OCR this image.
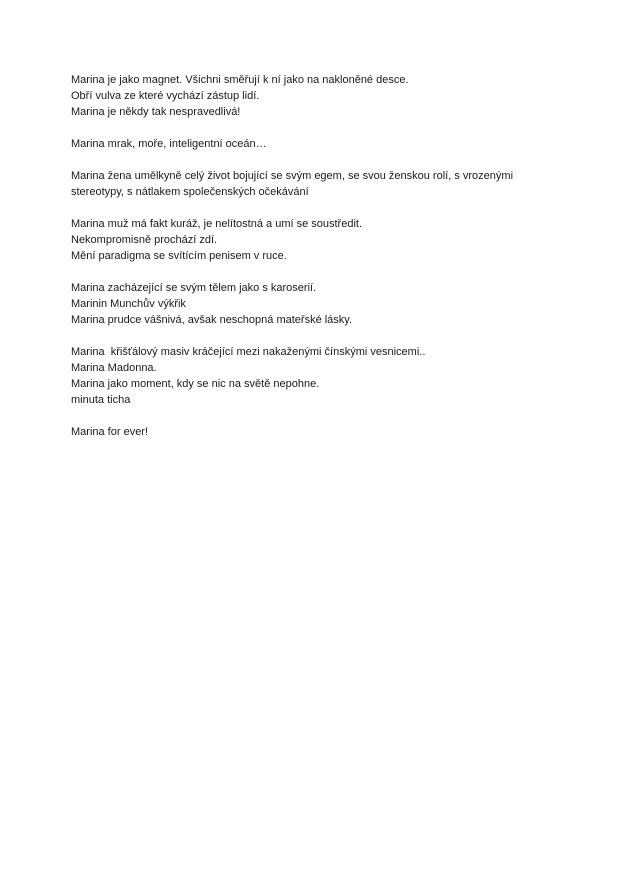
Marina je jako magnet. Všichni směřují k ní jako na nakloněné desce.
Obří vulva ze které vychází zástup lidí.
Marina je někdy tak nespravedlivá!

Marina mrak, moře, inteligentní oceán…

Marina žena umělkyně celý život bojující se svým egem, se svou ženskou rolí, s vrozenými
stereotypy, s nátlakem společenských očekávání

Marina muž má fakt kuráž, je nelítostná a umí se soustředit.
Nekompromisně prochází zdí.
Mění paradigma se svítícím penisem v ruce.

Marina zacházející se svým tělem jako s karoserií.
Marinin Munchův výkřik
Marina prudce vášnivá, avšak neschopná mateřské lásky.

Marina  křišťálový masiv kráčející mezi nakaženými čínskými vesnicemi..
Marina Madonna.
Marina jako moment, kdy se nic na světě nepohne.
minuta ticha

Marina for ever!
